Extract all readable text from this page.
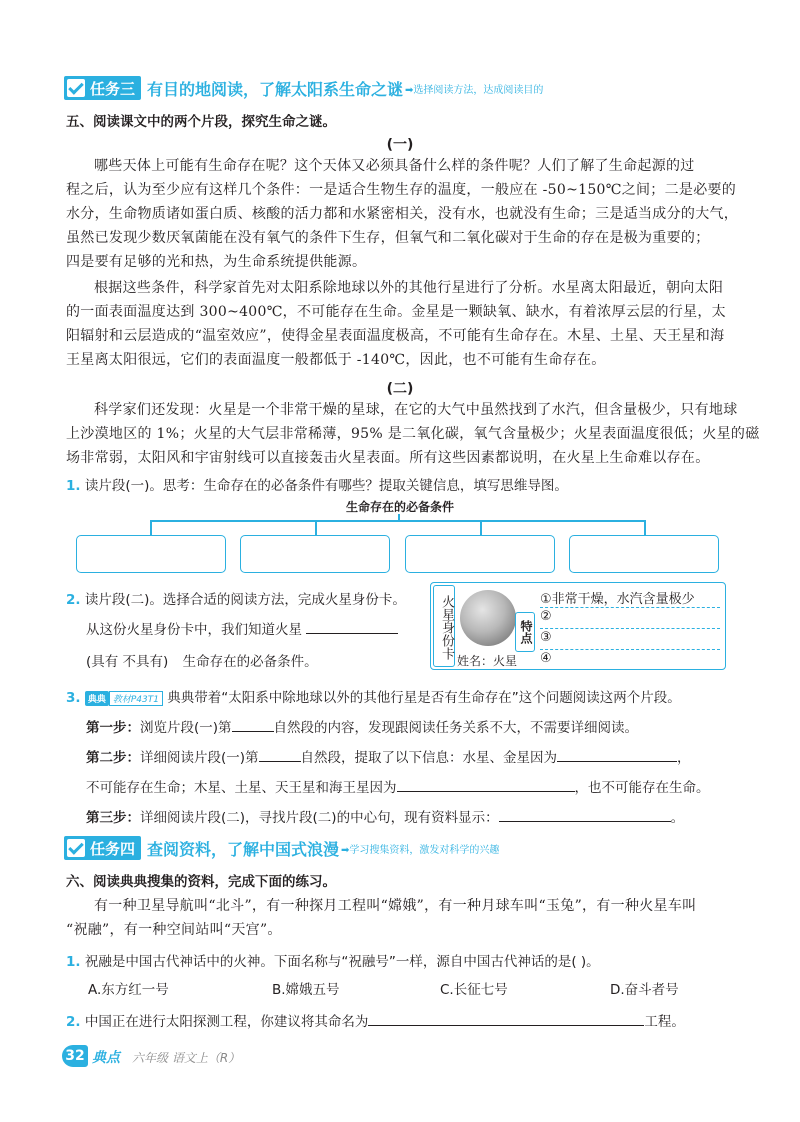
任务三 有目的地阅读，了解太阳系生命之谜 ➡选择阅读方法，达成阅读目的
五、阅读课文中的两个片段，探究生命之谜。
(一)
哪些天体上可能有生命存在呢？这个天体又必须具备什么样的条件呢？人们了解了生命起源的过
程之后，认为至少应有这样几个条件：一是适合生物生存的温度，一般应在 -50~150℃之间；二是必要的
水分，生命物质诸如蛋白质、核酸的活力都和水紧密相关，没有水，也就没有生命；三是适当成分的大气，
虽然已发现少数厌氧菌能在没有氧气的条件下生存，但氧气和二氧化碳对于生命的存在是极为重要的；
四是要有足够的光和热，为生命系统提供能源。
根据这些条件，科学家首先对太阳系除地球以外的其他行星进行了分析。水星离太阳最近，朝向太阳
的一面表面温度达到 300~400℃，不可能存在生命。金星是一颗缺氧、缺水，有着浓厚云层的行星，太
阳辐射和云层造成的“温室效应”，使得金星表面温度极高，不可能有生命存在。木星、土星、天王星和海
王星离太阳很远，它们的表面温度一般都低于 -140℃，因此，也不可能有生命存在。
(二)
科学家们还发现：火星是一个非常干燥的星球，在它的大气中虽然找到了水汽，但含量极少，只有地球
上沙漠地区的 1%；火星的大气层非常稀薄，95% 是二氧化碳，氧气含量极少；火星表面温度很低；火星的磁
场非常弱，太阳风和宇宙射线可以直接轰击火星表面。所有这些因素都说明，在火星上生命难以存在。
1. 读片段(一)。思考：生命存在的必备条件有哪些？提取关键信息，填写思维导图。
生命存在的必备条件
2. 读片段(二)。选择合适的阅读方法，完成火星身份卡。
从这份火星身份卡中，我们知道火星
(具有 不具有) 生命存在的必备条件。
火星身份卡	特点
姓名：火星
①非常干燥，水汽含量极少
②
③
④
3. 典典 教材P43T1 典典带着“太阳系中除地球以外的其他行星是否有生命存在”这个问题阅读这两个片段。
第一步：浏览片段(一)第	自然段的内容，发现跟阅读任务关系不大，不需要详细阅读。
第二步：详细阅读片段(一)第	自然段，提取了以下信息：水星、金星因为	，
不可能存在生命；木星、土星、天王星和海王星因为	，也不可能存在生命。
第三步：详细阅读片段(二)，寻找片段(二)的中心句，现有资料显示：	。
任务四 查阅资料，了解中国式浪漫 ➡学习搜集资料，激发对科学的兴趣
六、阅读典典搜集的资料，完成下面的练习。
有一种卫星导航叫“北斗”，有一种探月工程叫“嫦娥”，有一种月球车叫“玉兔”，有一种火星车叫
“祝融”，有一种空间站叫“天宫”。
1. 祝融是中国古代神话中的火神。下面名称与“祝融号”一样，源自中国古代神话的是( )。
A.东方红一号	B.嫦娥五号	C.长征七号	D.奋斗者号
2. 中国正在进行太阳探测工程，你建议将其命名为	工程。
32 典点 六年级 语文上（R）
